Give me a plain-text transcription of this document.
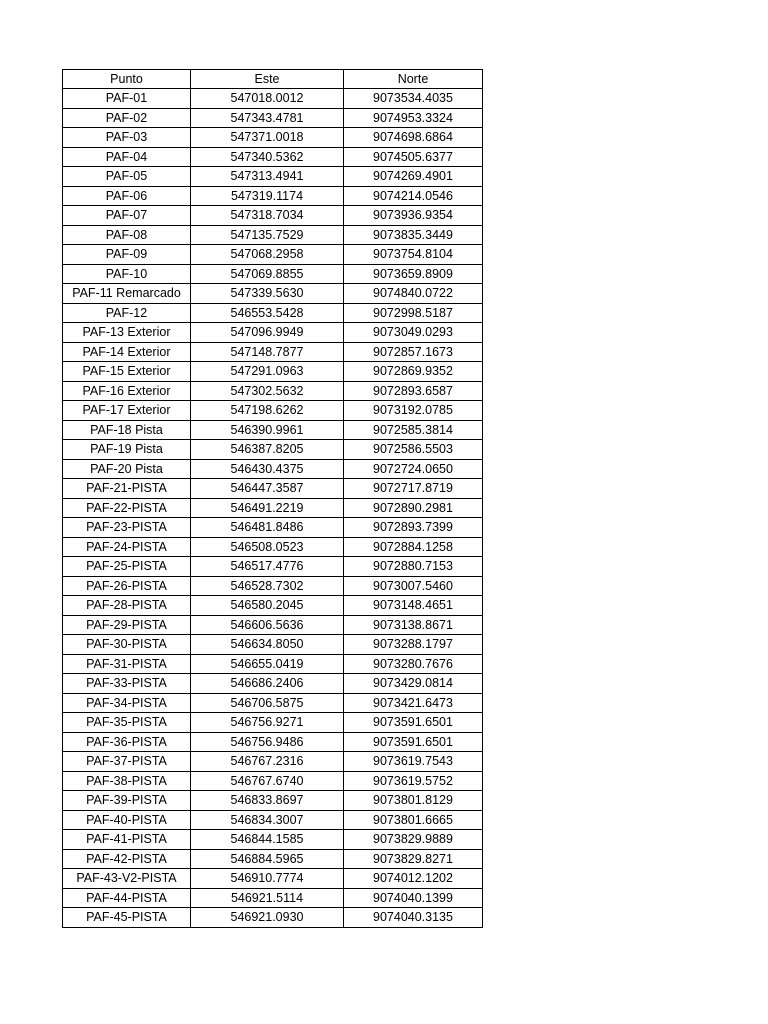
Punto	Este	Norte
PAF-01	547018.0012	9073534.4035
PAF-02	547343.4781	9074953.3324
PAF-03	547371.0018	9074698.6864
PAF-04	547340.5362	9074505.6377
PAF-05	547313.4941	9074269.4901
PAF-06	547319.1174	9074214.0546
PAF-07	547318.7034	9073936.9354
PAF-08	547135.7529	9073835.3449
PAF-09	547068.2958	9073754.8104
PAF-10	547069.8855	9073659.8909
PAF-11 Remarcado	547339.5630	9074840.0722
PAF-12	546553.5428	9072998.5187
PAF-13 Exterior	547096.9949	9073049.0293
PAF-14 Exterior	547148.7877	9072857.1673
PAF-15 Exterior	547291.0963	9072869.9352
PAF-16 Exterior	547302.5632	9072893.6587
PAF-17 Exterior	547198.6262	9073192.0785
PAF-18 Pista	546390.9961	9072585.3814
PAF-19 Pista	546387.8205	9072586.5503
PAF-20 Pista	546430.4375	9072724.0650
PAF-21-PISTA	546447.3587	9072717.8719
PAF-22-PISTA	546491.2219	9072890.2981
PAF-23-PISTA	546481.8486	9072893.7399
PAF-24-PISTA	546508.0523	9072884.1258
PAF-25-PISTA	546517.4776	9072880.7153
PAF-26-PISTA	546528.7302	9073007.5460
PAF-28-PISTA	546580.2045	9073148.4651
PAF-29-PISTA	546606.5636	9073138.8671
PAF-30-PISTA	546634.8050	9073288.1797
PAF-31-PISTA	546655.0419	9073280.7676
PAF-33-PISTA	546686.2406	9073429.0814
PAF-34-PISTA	546706.5875	9073421.6473
PAF-35-PISTA	546756.9271	9073591.6501
PAF-36-PISTA	546756.9486	9073591.6501
PAF-37-PISTA	546767.2316	9073619.7543
PAF-38-PISTA	546767.6740	9073619.5752
PAF-39-PISTA	546833.8697	9073801.8129
PAF-40-PISTA	546834.3007	9073801.6665
PAF-41-PISTA	546844.1585	9073829.9889
PAF-42-PISTA	546884.5965	9073829.8271
PAF-43-V2-PISTA	546910.7774	9074012.1202
PAF-44-PISTA	546921.5114	9074040.1399
PAF-45-PISTA	546921.0930	9074040.3135
